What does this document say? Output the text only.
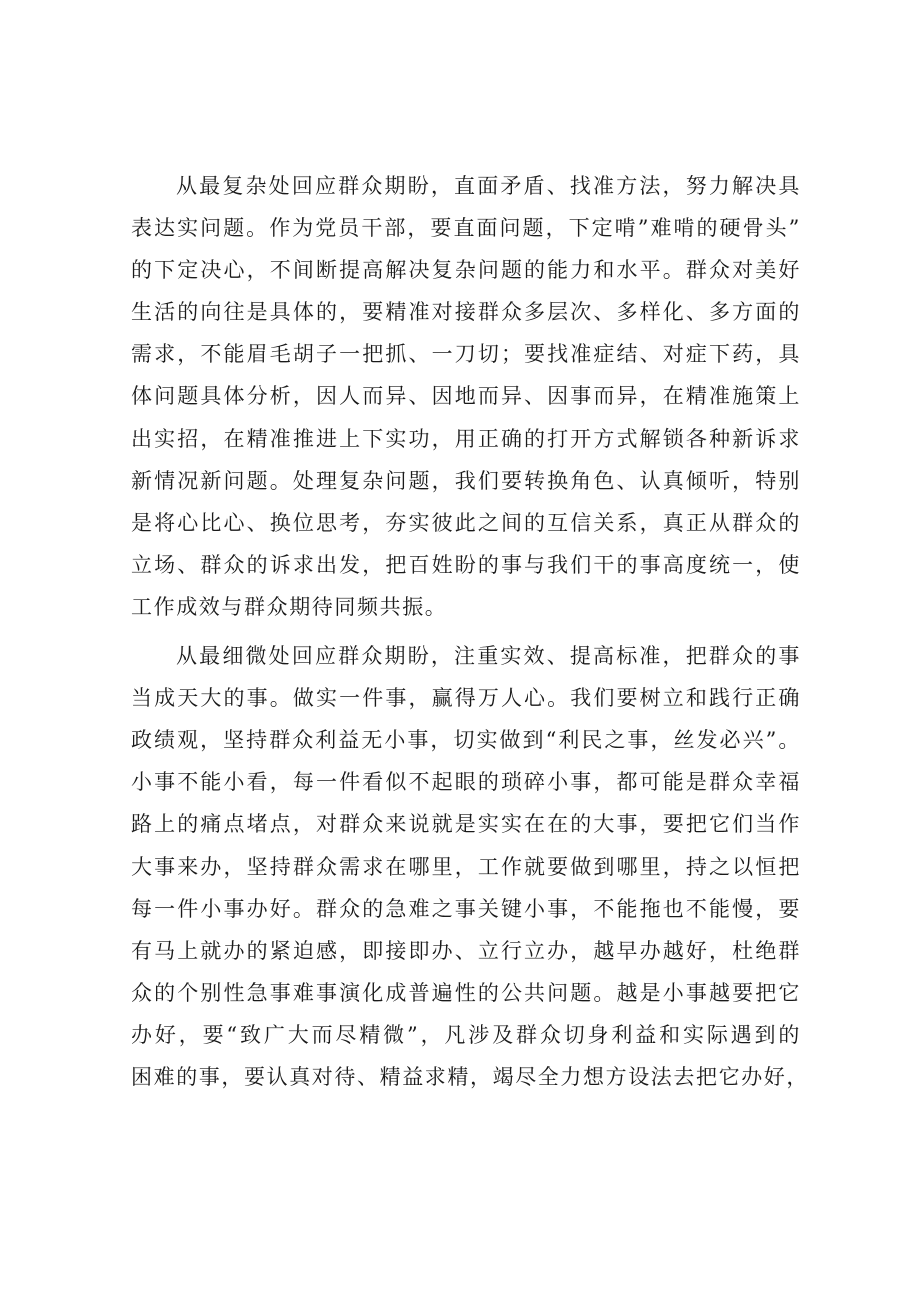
从最复杂处回应群众期盼，直面矛盾、找准方法，努力解决具
表达实问题。作为党员干部，要直面问题，下定啃”难啃的硬骨头”
的下定决心，不间断提高解决复杂问题的能力和水平。群众对美好
生活的向往是具体的，要精准对接群众多层次、多样化、多方面的
需求，不能眉毛胡子一把抓、一刀切；要找准症结、对症下药，具
体问题具体分析，因人而异、因地而异、因事而异，在精准施策上
出实招，在精准推进上下实功，用正确的打开方式解锁各种新诉求
新情况新问题。处理复杂问题，我们要转换角色、认真倾听，特别
是将心比心、换位思考，夯实彼此之间的互信关系，真正从群众的
立场、群众的诉求出发，把百姓盼的事与我们干的事高度统一，使
工作成效与群众期待同频共振。
从最细微处回应群众期盼，注重实效、提高标准，把群众的事
当成天大的事。做实一件事，赢得万人心。我们要树立和践行正确
政绩观，坚持群众利益无小事，切实做到“利民之事，丝发必兴”。
小事不能小看，每一件看似不起眼的琐碎小事，都可能是群众幸福
路上的痛点堵点，对群众来说就是实实在在的大事，要把它们当作
大事来办，坚持群众需求在哪里，工作就要做到哪里，持之以恒把
每一件小事办好。群众的急难之事关键小事，不能拖也不能慢，要
有马上就办的紧迫感，即接即办、立行立办，越早办越好，杜绝群
众的个别性急事难事演化成普遍性的公共问题。越是小事越要把它
办好，要“致广大而尽精微”，凡涉及群众切身利益和实际遇到的
困难的事，要认真对待、精益求精，竭尽全力想方设法去把它办好，
